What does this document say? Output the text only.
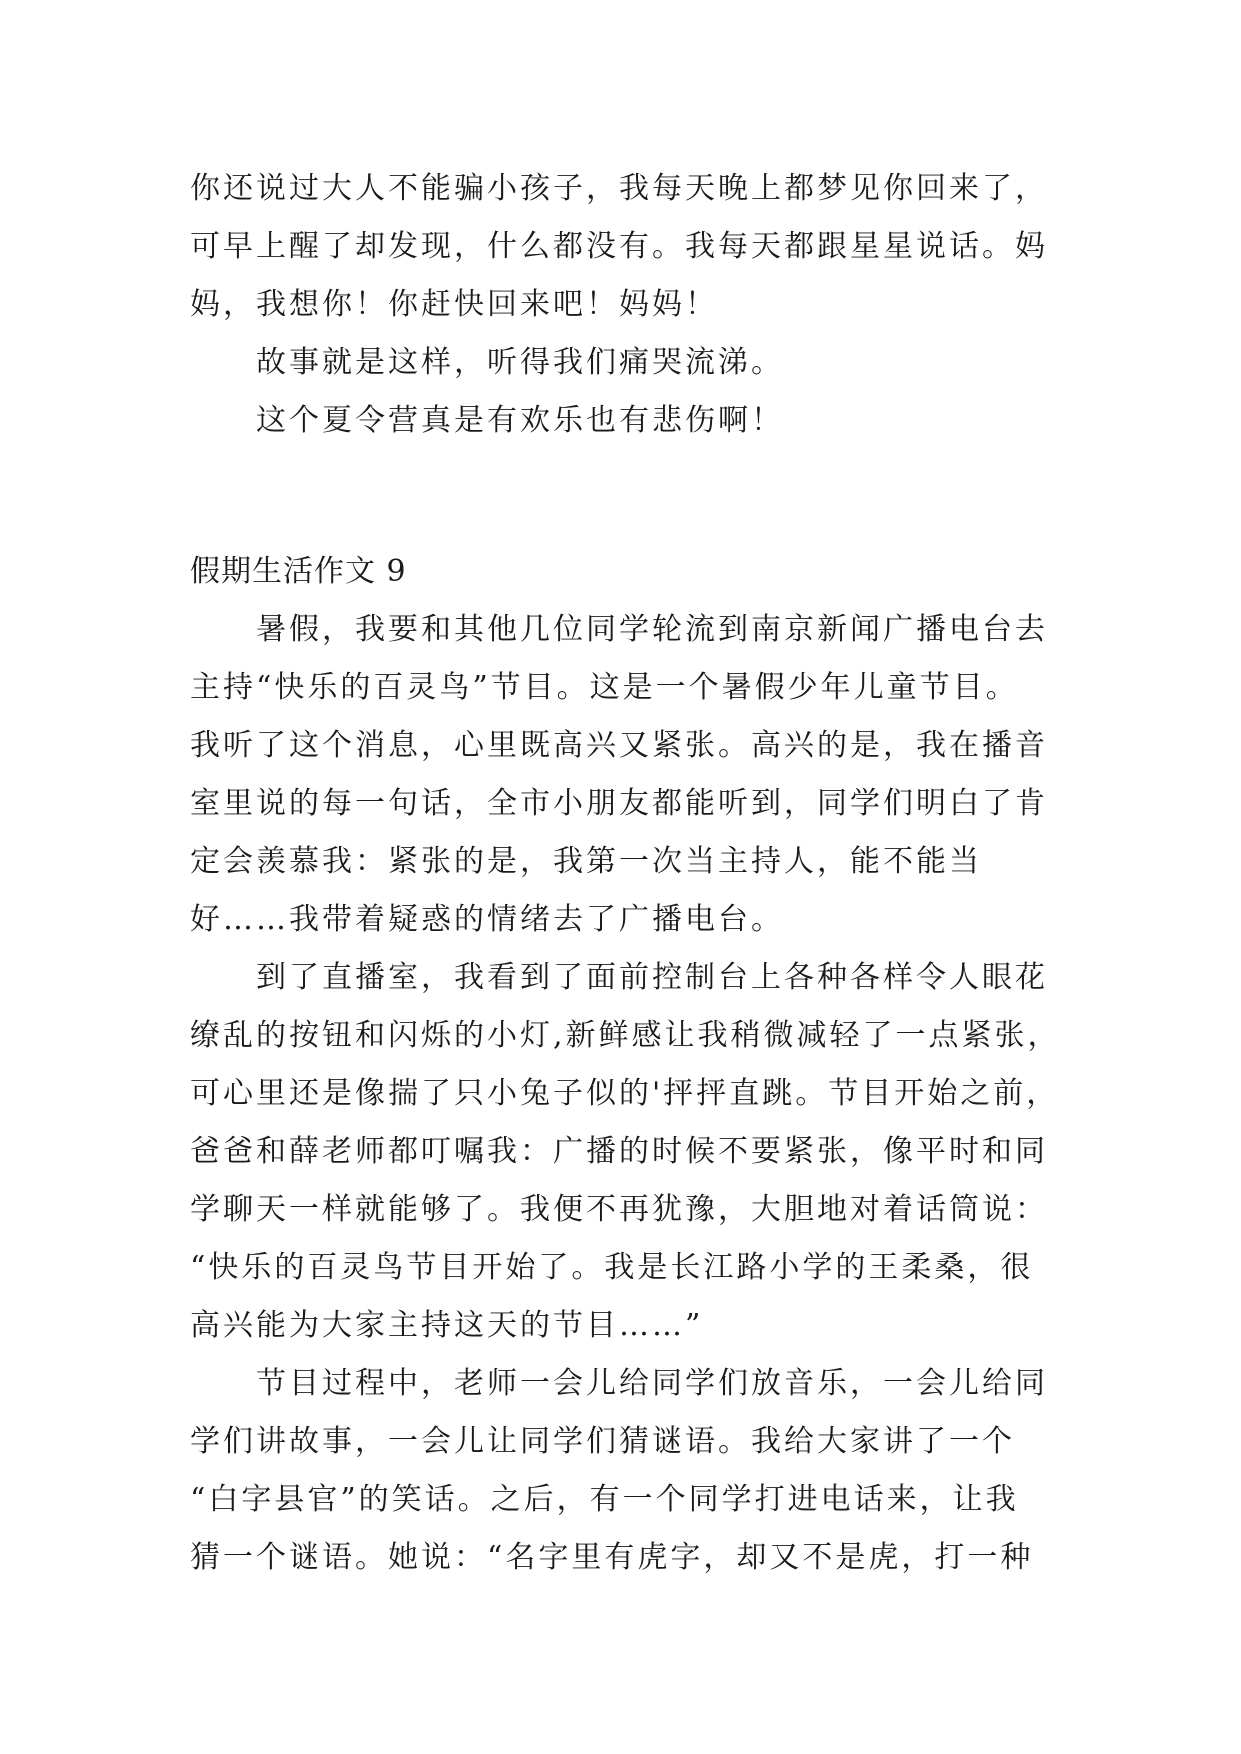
你还说过大人不能骗小孩子，我每天晚上都梦见你回来了，
可早上醒了却发现，什么都没有。我每天都跟星星说话。妈
妈，我想你！你赶快回来吧！妈妈！
故事就是这样，听得我们痛哭流涕。
这个夏令营真是有欢乐也有悲伤啊！
假期生活作文 9
暑假，我要和其他几位同学轮流到南京新闻广播电台去
主持“快乐的百灵鸟”节目。这是一个暑假少年儿童节目。
我听了这个消息，心里既高兴又紧张。高兴的是，我在播音
室里说的每一句话，全市小朋友都能听到，同学们明白了肯
定会羡慕我：紧张的是，我第一次当主持人，能不能当
好……我带着疑惑的情绪去了广播电台。
到了直播室，我看到了面前控制台上各种各样令人眼花
缭乱的按钮和闪烁的小灯,新鲜感让我稍微减轻了一点紧张，
可心里还是像揣了只小兔子似的'抨抨直跳。节目开始之前，
爸爸和薛老师都叮嘱我：广播的时候不要紧张，像平时和同
学聊天一样就能够了。我便不再犹豫，大胆地对着话筒说：
“快乐的百灵鸟节目开始了。我是长江路小学的王柔桑，很
高兴能为大家主持这天的节目……”
节目过程中，老师一会儿给同学们放音乐，一会儿给同
学们讲故事，一会儿让同学们猜谜语。我给大家讲了一个
“白字县官”的笑话。之后，有一个同学打进电话来，让我
猜一个谜语。她说：“名字里有虎字，却又不是虎，打一种
